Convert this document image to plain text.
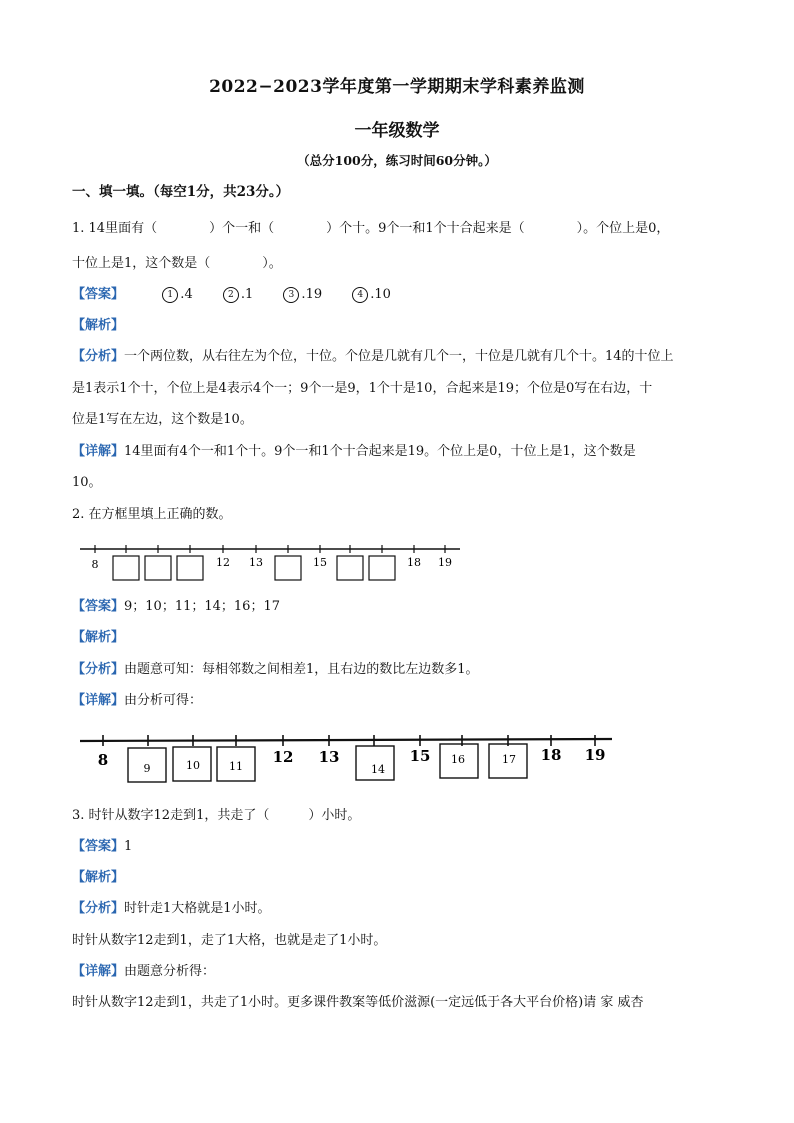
2022−2023学年度第一学期期末学科素养监测
一年级数学
（总分100分，练习时间60分钟。）
一、填一填。（每空1分，共23分。）
1. 14里面有（　　　　）个一和（　　　　）个十。9个一和1个十合起来是（　　　　）。个位上是0，
十位上是1，这个数是（　　　　）。
【答案】	1 .4	2 .1	3 .19	4 .10
【解析】
【分析】一个两位数，从右往左为个位，十位。个位是几就有几个一，十位是几就有几个十。14的十位上
是1表示1个十，个位上是4表示4个一；9个一是9，1个十是10，合起来是19；个位是0写在右边，十
位是1写在左边，这个数是10。
【详解】14里面有4个一和1个十。9个一和1个十合起来是19。个位上是0，十位上是1，这个数是
10。
2. 在方框里填上正确的数。
8	12 13	15	18 19
【答案】9；10；11；14；16；17
【解析】
【分析】由题意可知：每相邻数之间相差1，且右边的数比左边数多1。
【详解】由分析可得：
8	12 13	15	18 19
9	10	11	14
16	17
3. 时针从数字12走到1，共走了（　　　）小时。
【答案】1
【解析】
【分析】时针走1大格就是1小时。
时针从数字12走到1，走了1大格，也就是走了1小时。
【详解】由题意分析得：
时针从数字12走到1，共走了1小时。更多课件教案等低价滋源(一定远低于各大平台价格)请 家 威杏
